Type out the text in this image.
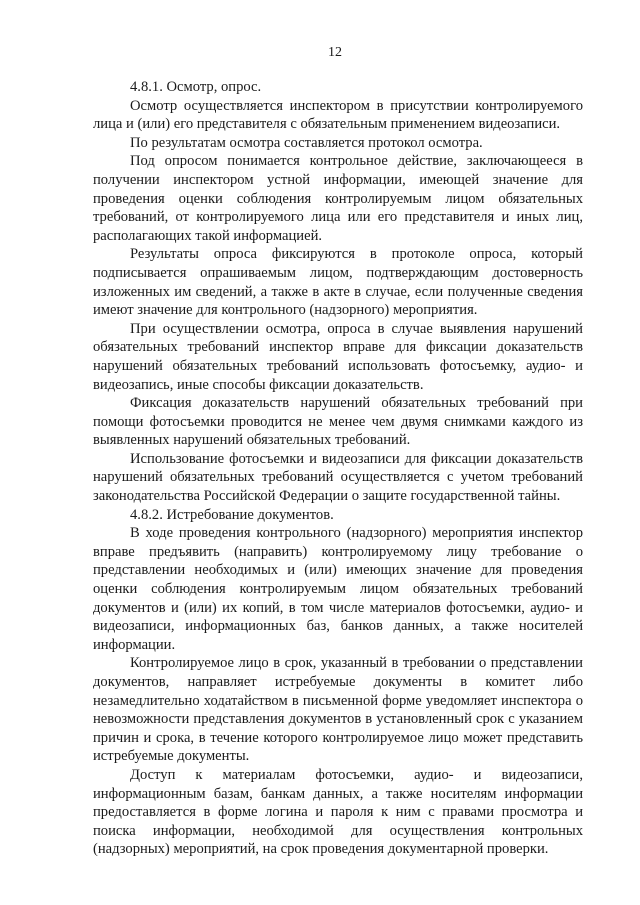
12

4.8.1. Осмотр, опрос.

Осмотр осуществляется инспектором в присутствии контролируемого лица и (или) его представителя с обязательным применением видеозаписи.

По результатам осмотра составляется протокол осмотра.

Под опросом понимается контрольное действие, заключающееся в получении инспектором устной информации, имеющей значение для проведения оценки соблюдения контролируемым лицом обязательных требований, от контролируемого лица или его представителя и иных лиц, располагающих такой информацией.

Результаты опроса фиксируются в протоколе опроса, который подписывается опрашиваемым лицом, подтверждающим достоверность изложенных им сведений, а также в акте в случае, если полученные сведения имеют значение для контрольного (надзорного) мероприятия.

При осуществлении осмотра, опроса в случае выявления нарушений обязательных требований инспектор вправе для фиксации доказательств нарушений обязательных требований использовать фотосъемку, аудио- и видеозапись, иные способы фиксации доказательств.

Фиксация доказательств нарушений обязательных требований при помощи фотосъемки проводится не менее чем двумя снимками каждого из выявленных нарушений обязательных требований.

Использование фотосъемки и видеозаписи для фиксации доказательств нарушений обязательных требований осуществляется с учетом требований законодательства Российской Федерации о защите государственной тайны.

4.8.2. Истребование документов.

В ходе проведения контрольного (надзорного) мероприятия инспектор вправе предъявить (направить) контролируемому лицу требование о представлении необходимых и (или) имеющих значение для проведения оценки соблюдения контролируемым лицом обязательных требований документов и (или) их копий, в том числе материалов фотосъемки, аудио- и видеозаписи, информационных баз, банков данных, а также носителей информации.

Контролируемое лицо в срок, указанный в требовании о представлении документов, направляет истребуемые документы в комитет либо незамедлительно ходатайством в письменной форме уведомляет инспектора о невозможности представления документов в установленный срок с указанием причин и срока, в течение которого контролируемое лицо может представить истребуемые документы.

Доступ к материалам фотосъемки, аудио- и видеозаписи, информационным базам, банкам данных, а также носителям информации предоставляется в форме логина и пароля к ним с правами просмотра и поиска информации, необходимой для осуществления контрольных (надзорных) мероприятий, на срок проведения документарной проверки.
